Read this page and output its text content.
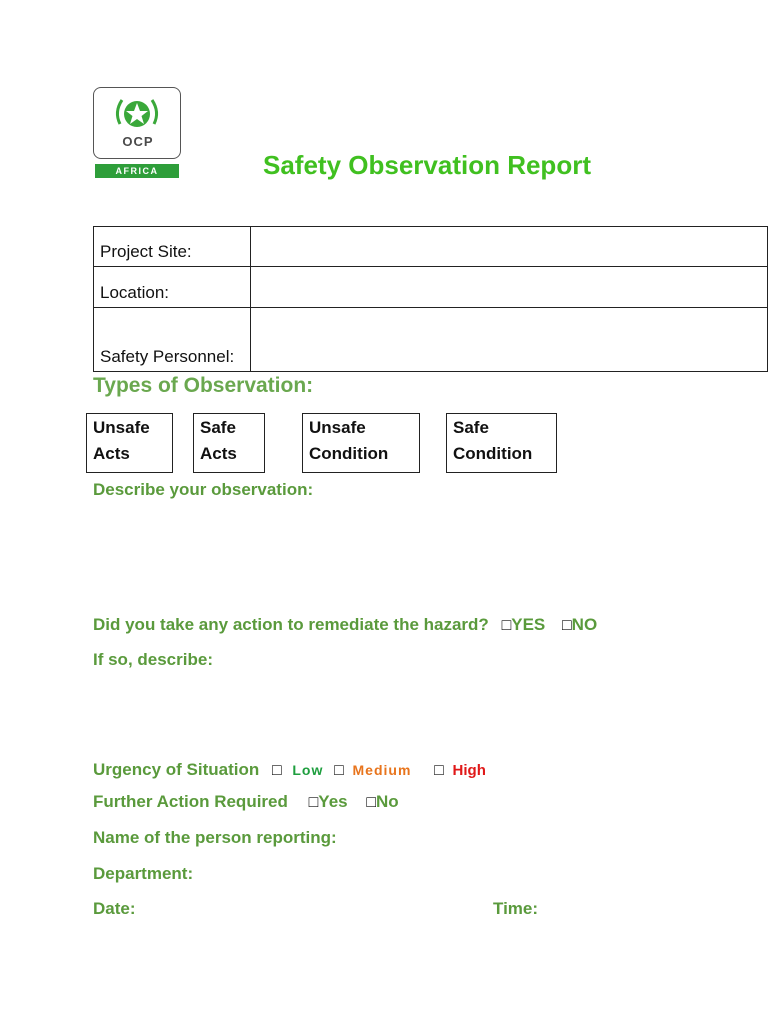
OCP
AFRICA	Safety Observation Report
Project Site:	
Location:	
Safety Personnel:	
Types of Observation:
Unsafe Acts
Safe Acts
Unsafe Condition
Safe Condition
Describe your observation:
Did you take any action to remediate the hazard? □YES □NO
If so, describe:
Urgency of Situation □ Low □ Medium □ High
Further Action Required □Yes □No
Name of the person reporting:
Department:
Date:	Time:
